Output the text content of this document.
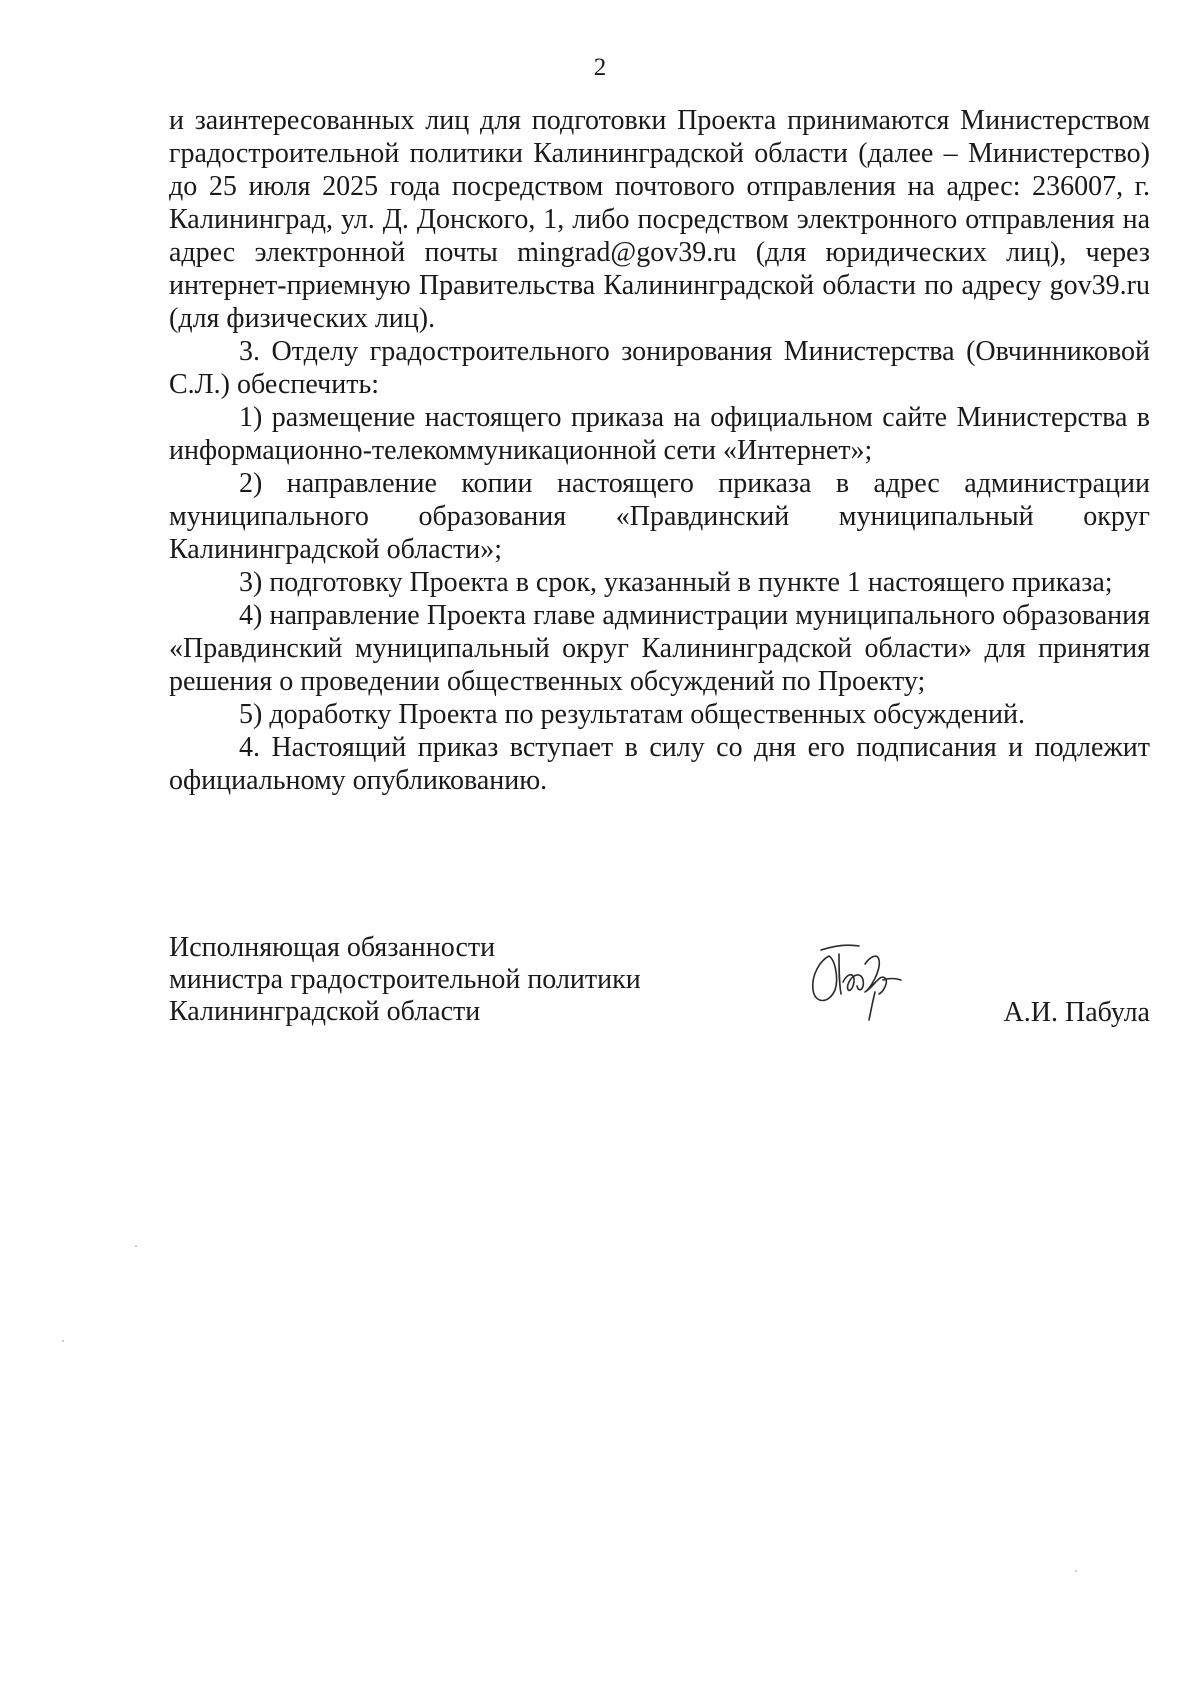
2

и заинтересованных лиц для подготовки Проекта принимаются Министерством градостроительной политики Калининградской области (далее – Министерство) до 25 июля 2025 года посредством почтового отправления на адрес: 236007, г. Калининград, ул. Д. Донского, 1, либо посредством электронного отправления на адрес электронной почты mingrad@gov39.ru (для юридических лиц), через интернет-приемную Правительства Калининградской области по адресу gov39.ru (для физических лиц).

3. Отделу градостроительного зонирования Министерства (Овчинниковой С.Л.) обеспечить:

1) размещение настоящего приказа на официальном сайте Министерства в информационно-телекоммуникационной сети «Интернет»;

2) направление копии настоящего приказа в адрес администрации муниципального образования «Правдинский муниципальный округ Калининградской области»;

3) подготовку Проекта в срок, указанный в пункте 1 настоящего приказа;

4) направление Проекта главе администрации муниципального образования «Правдинский муниципальный округ Калининградской области» для принятия решения о проведении общественных обсуждений по Проекту;

5) доработку Проекта по результатам общественных обсуждений.

4. Настоящий приказ вступает в силу со дня его подписания и подлежит официальному опубликованию.

Исполняющая обязанности
министра градостроительной политики
Калининградской области	А.И. Пабула
